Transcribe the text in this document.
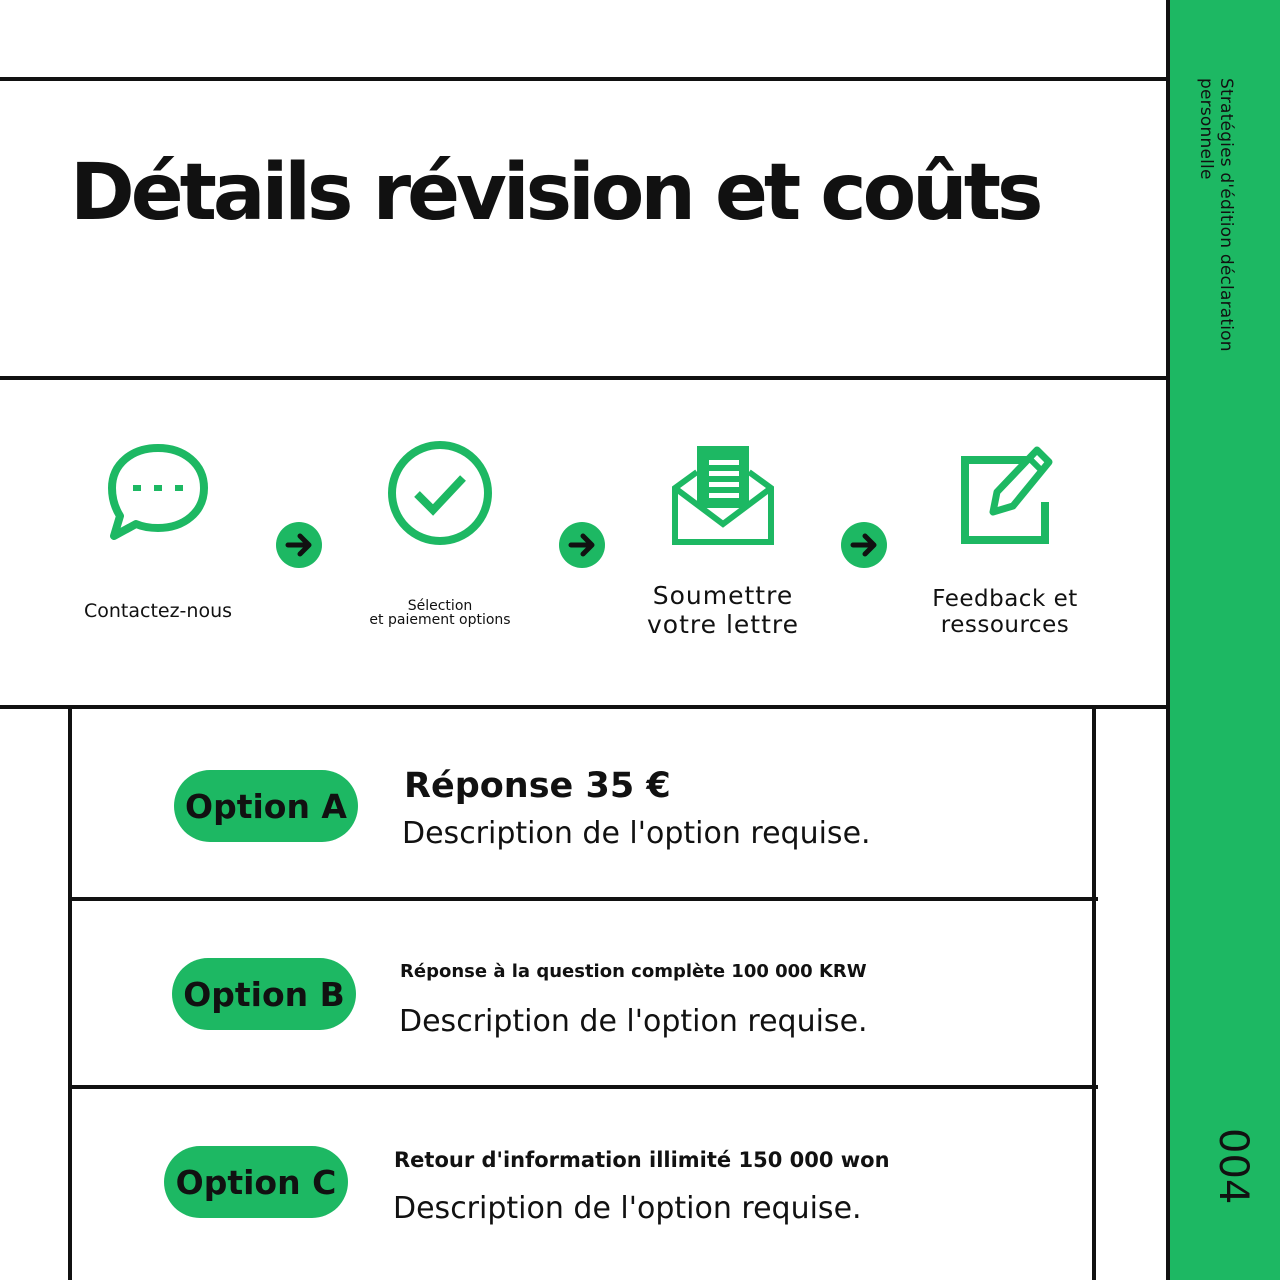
Stratégies d'édition déclaration personnelle
004
Détails révision et coûts
Contactez-nous	Sélection
et paiement options
Soumettre
votre lettre
Feedback et
ressources
Option A	Réponse 35 €
Description de l'option requise.
Option B
Réponse à la question complète 100 000 KRW
Description de l'option requise.
Option C
Retour d'information illimité 150 000 won
Description de l'option requise.
